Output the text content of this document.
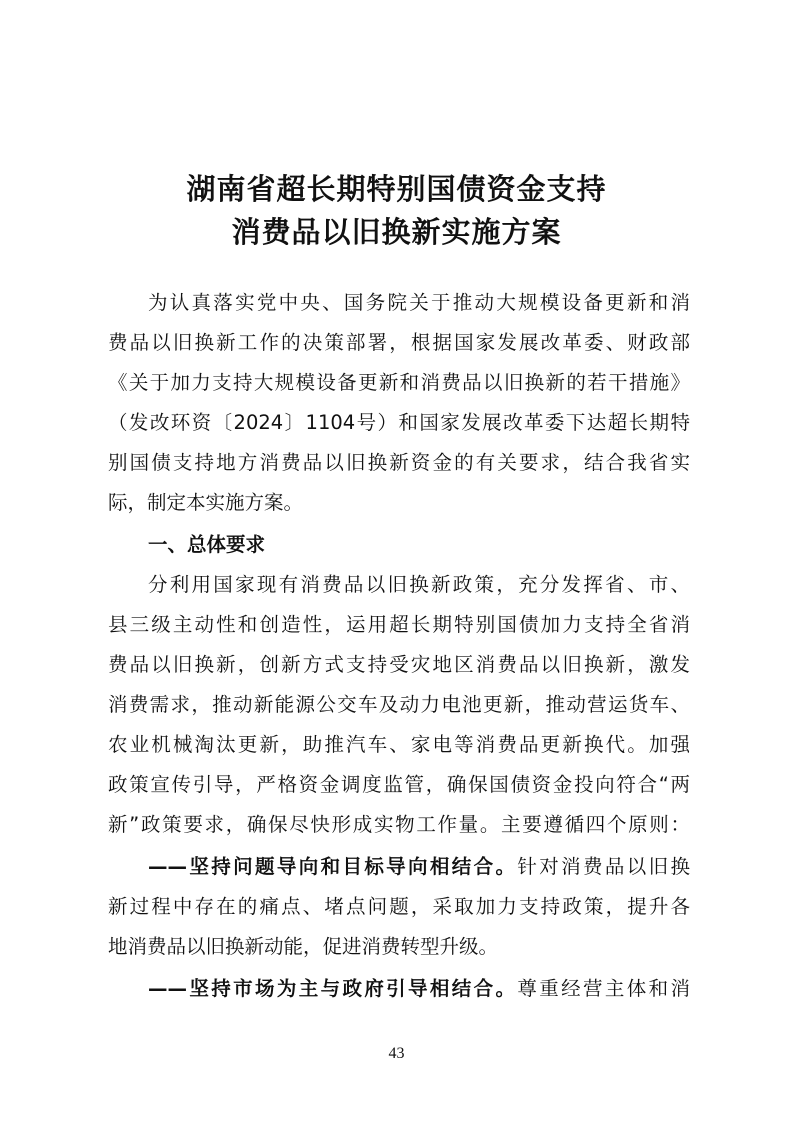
湖南省超长期特别国债资金支持
消费品以旧换新实施方案
为认真落实党中央、国务院关于推动大规模设备更新和消
费品以旧换新工作的决策部署，根据国家发展改革委、财政部
《关于加力支持大规模设备更新和消费品以旧换新的若干措施》
（发改环资〔2024〕1104号）和国家发展改革委下达超长期特
别国债支持地方消费品以旧换新资金的有关要求，结合我省实
际，制定本实施方案。
一、总体要求
分利用国家现有消费品以旧换新政策，充分发挥省、市、
县三级主动性和创造性，运用超长期特别国债加力支持全省消
费品以旧换新，创新方式支持受灾地区消费品以旧换新，激发
消费需求，推动新能源公交车及动力电池更新，推动营运货车、
农业机械淘汰更新，助推汽车、家电等消费品更新换代。加强
政策宣传引导，严格资金调度监管，确保国债资金投向符合“两
新”政策要求，确保尽快形成实物工作量。主要遵循四个原则：
——坚持问题导向和目标导向相结合。针对消费品以旧换
新过程中存在的痛点、堵点问题，采取加力支持政策，提升各
地消费品以旧换新动能，促进消费转型升级。
——坚持市场为主与政府引导相结合。尊重经营主体和消
43
